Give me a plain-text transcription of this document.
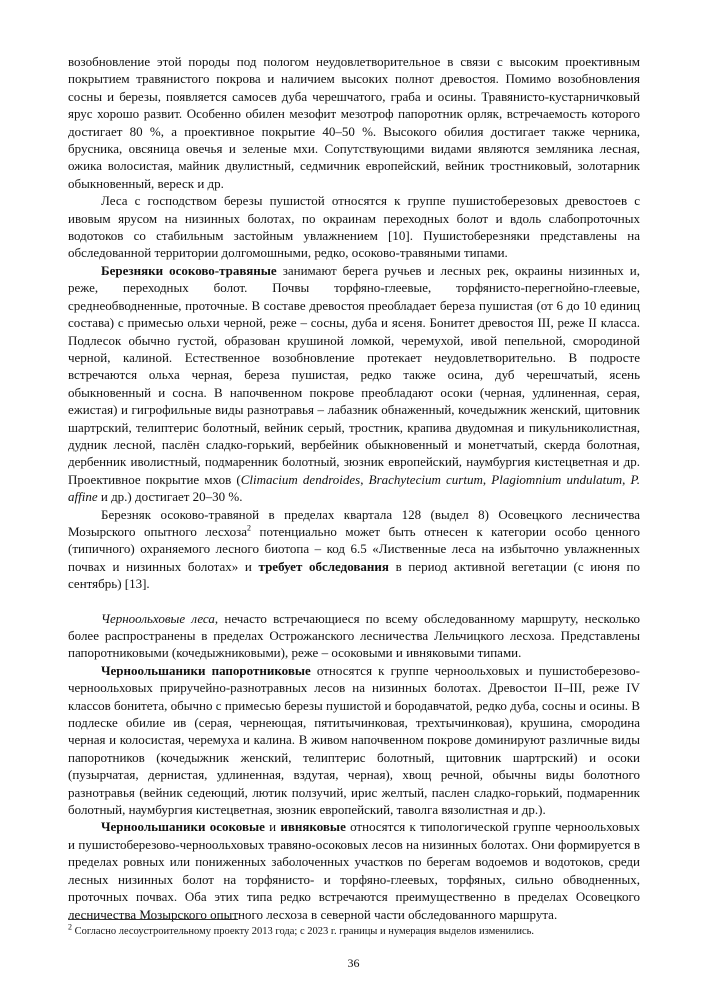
возобновление этой породы под пологом неудовлетворительное в связи с высоким проективным покрытием травянистого покрова и наличием высоких полнот древостоя. Помимо возобновления сосны и березы, появляется самосев дуба черешчатого, граба и осины. Травянисто-кустарничковый ярус хорошо развит. Особенно обилен мезофит мезотроф папоротник орляк, встречаемость которого достигает 80 %, а проективное покрытие 40–50 %. Высокого обилия достигает также черника, брусника, овсяница овечья и зеленые мхи. Сопутствующими видами являются земляника лесная, ожика волосистая, майник двулистный, седмичник европейский, вейник тростниковый, золотарник обыкновенный, вереск и др.

Леса с господством березы пушистой относятся к группе пушистоберезовых древостоев с ивовым ярусом на низинных болотах, по окраинам переходных болот и вдоль слабопроточных водотоков со стабильным застойным увлажнением [10]. Пушистоберезняки представлены на обследованной территории долгомошными, редко, осоково-травяными типами.

Березняки осоково-травяные занимают берега ручьев и лесных рек, окраины низинных и, реже, переходных болот. Почвы торфяно-глеевые, торфянисто-перегнойно-глеевые, среднеобводненные, проточные. В составе древостоя преобладает береза пушистая (от 6 до 10 единиц состава) с примесью ольхи черной, реже – сосны, дуба и ясеня. Бонитет древостоя III, реже II класса. Подлесок обычно густой, образован крушиной ломкой, черемухой, ивой пепельной, смородиной черной, калиной. Естественное возобновление протекает неудовлетворительно. В подросте встречаются ольха черная, береза пушистая, редко также осина, дуб черешчатый, ясень обыкновенный и сосна. В напочвенном покрове преобладают осоки (черная, удлиненная, серая, ежистая) и гигрофильные виды разнотравья – лабазник обнаженный, кочедыжник женский, щитовник шартрский, телиптерис болотный, вейник серый, тростник, крапива двудомная и пикульниколистная, дудник лесной, паслён сладко-горький, вербейник обыкновенный и монетчатый, скерда болотная, дербенник иволистный, подмаренник болотный, зюзник европейский, наумбургия кистецветная и др. Проективное покрытие мхов (Climacium dendroides, Brachytecium curtum, Plagiomnium undulatum, P. affine и др.) достигает 20–30 %.

Березняк осоково-травяной в пределах квартала 128 (выдел 8) Осовецкого лесничества Мозырского опытного лесхоза$^2$ потенциально может быть отнесен к категории особо ценного (типичного) охраняемого лесного биотопа – код 6.5 «Лиственные леса на избыточно увлажненных почвах и низинных болотах» и требует обследования в период активной вегетации (с июня по сентябрь) [13].

Черноольховые леса, нечасто встречающиеся по всему обследованному маршруту, несколько более распространены в пределах Острожанского лесничества Лельчицкого лесхоза. Представлены папоротниковыми (кочедыжниковыми), реже – осоковыми и ивняковыми типами.

Черноольшаники папоротниковые относятся к группе черноольховых и пушистоберезово-черноольховых приручейно-разнотравных лесов на низинных болотах. Древостои II–III, реже IV классов бонитета, обычно с примесью березы пушистой и бородавчатой, редко дуба, сосны и осины. В подлеске обилие ив (серая, чернеющая, пятитычинковая, трехтычинковая), крушина, смородина черная и колосистая, черемуха и калина. В живом напочвенном покрове доминируют различные виды папоротников (кочедыжник женский, телиптерис болотный, щитовник шартрский) и осоки (пузырчатая, дернистая, удлиненная, вздутая, черная), хвощ речной, обычны виды болотного разнотравья (вейник седеющий, лютик ползучий, ирис желтый, паслен сладко-горький, подмаренник болотный, наумбургия кистецветная, зюзник европейский, таволга вязолистная и др.).

Черноольшаники осоковые и ивняковые относятся к типологической группе черноольховых и пушистоберезово-черноольховых травяно-осоковых лесов на низинных болотах. Они формируется в пределах ровных или пониженных заболоченных участков по берегам водоемов и водотоков, среди лесных низинных болот на торфянисто- и торфяно-глеевых, торфяных, сильно обводненных, проточных почвах. Оба этих типа редко встречаются преимущественно в пределах Осовецкого лесничества Мозырского опытного лесхоза в северной части обследованного маршрута.

$^2$ Согласно лесоустроительному проекту 2013 года; с 2023 г. границы и нумерация выделов изменились.
36
